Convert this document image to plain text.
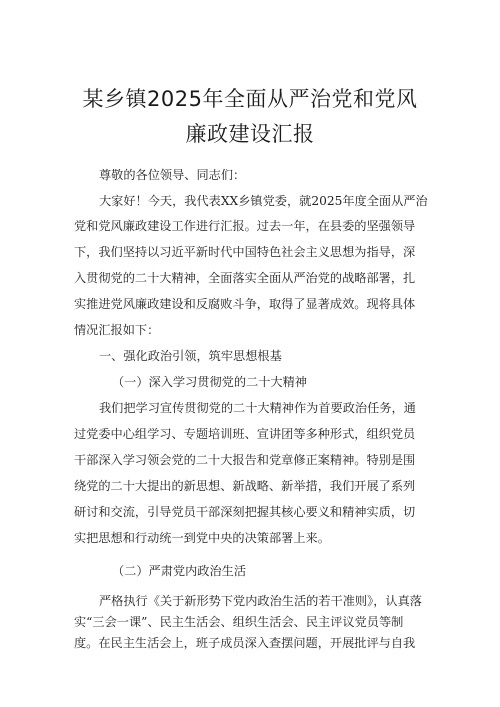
某乡镇2025年全面从严治党和党风
廉政建设汇报
尊敬的各位领导、同志们：
大家好！今天，我代表XX乡镇党委，就2025年度全面从严治
党和党风廉政建设工作进行汇报。过去一年，在县委的坚强领导
下，我们坚持以习近平新时代中国特色社会主义思想为指导，深
入贯彻党的二十大精神，全面落实全面从严治党的战略部署，扎
实推进党风廉政建设和反腐败斗争，取得了显著成效。现将具体
情况汇报如下：
一、强化政治引领，筑牢思想根基
（一）深入学习贯彻党的二十大精神
我们把学习宣传贯彻党的二十大精神作为首要政治任务，通
过党委中心组学习、专题培训班、宣讲团等多种形式，组织党员
干部深入学习领会党的二十大报告和党章修正案精神。特别是围
绕党的二十大提出的新思想、新战略、新举措，我们开展了系列
研讨和交流，引导党员干部深刻把握其核心要义和精神实质，切
实把思想和行动统一到党中央的决策部署上来。
（二）严肃党内政治生活
严格执行《关于新形势下党内政治生活的若干准则》，认真落
实“三会一课”、民主生活会、组织生活会、民主评议党员等制
度。在民主生活会上，班子成员深入查摆问题，开展批评与自我
